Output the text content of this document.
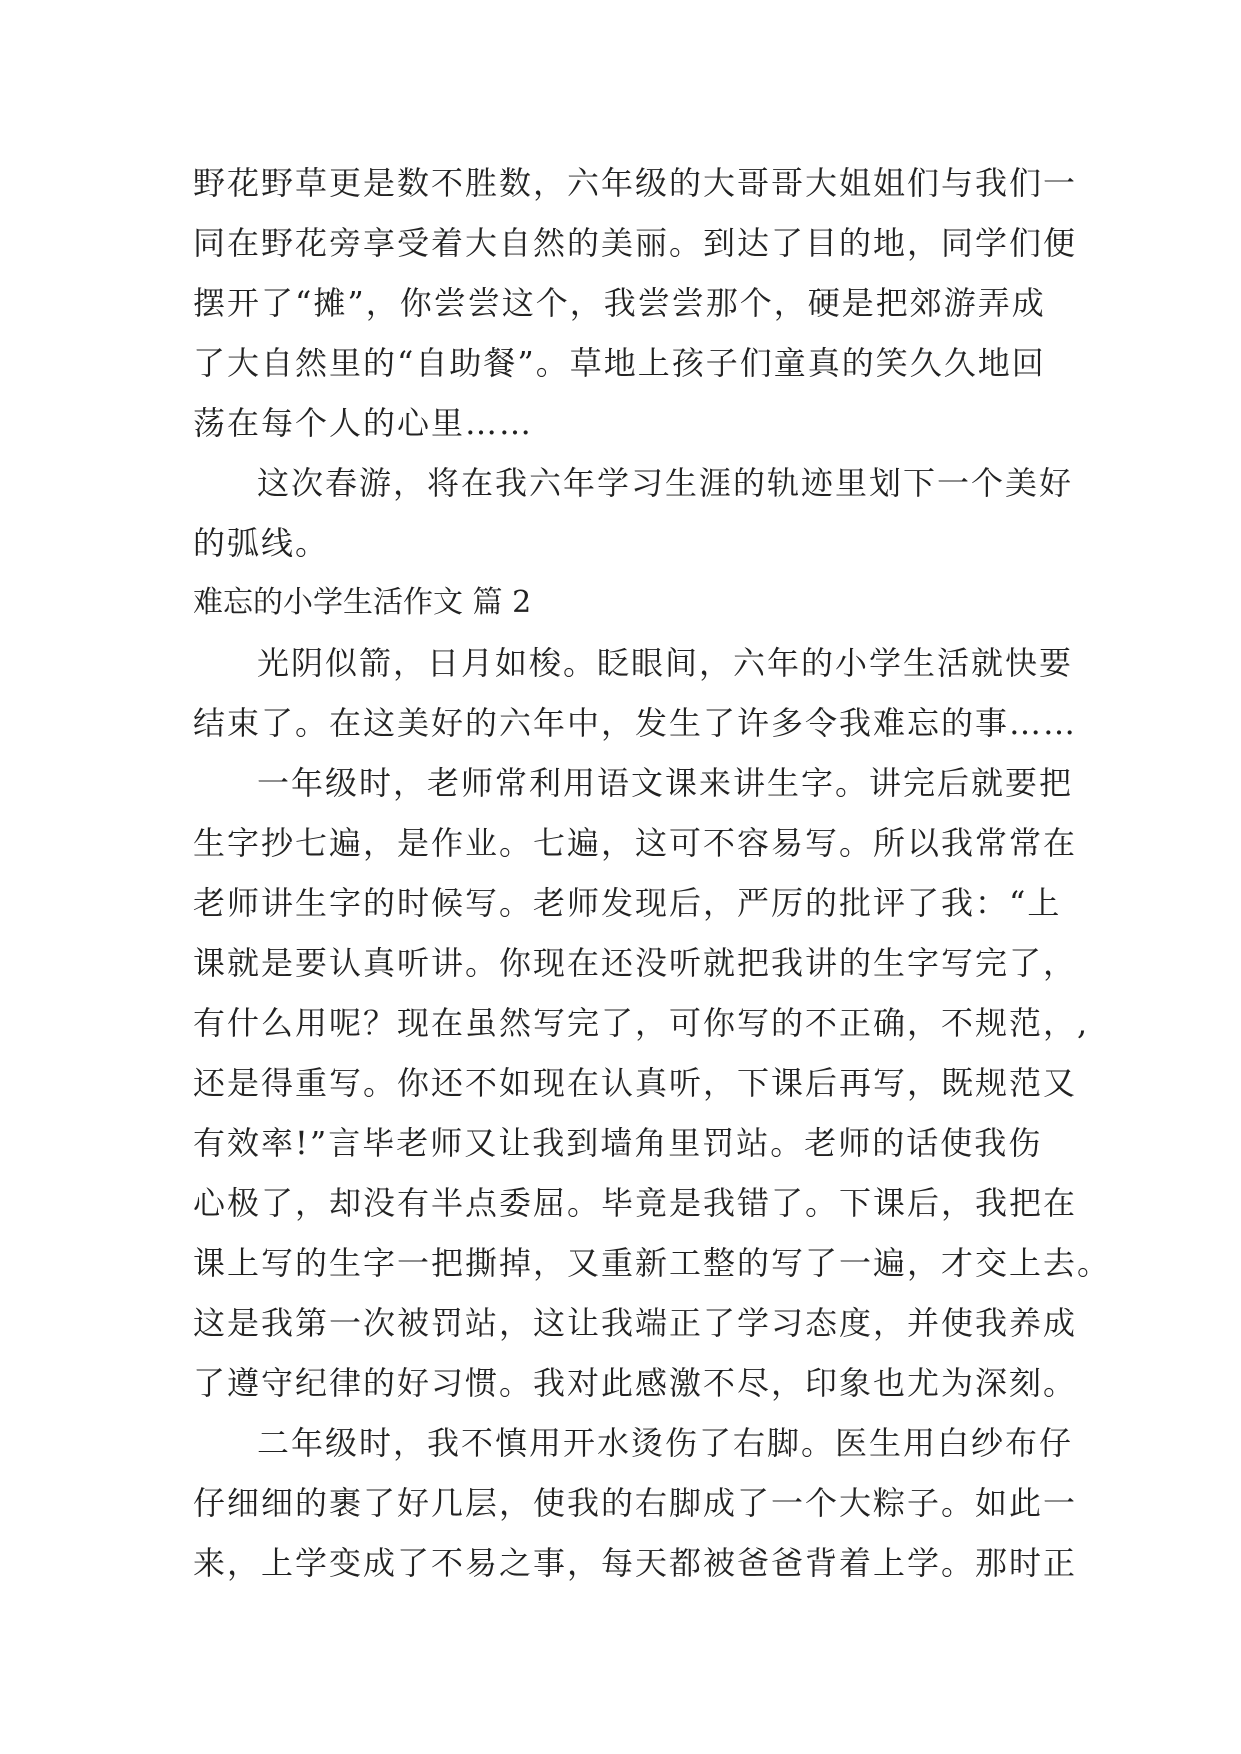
野花野草更是数不胜数，六年级的大哥哥大姐姐们与我们一
同在野花旁享受着大自然的美丽。到达了目的地，同学们便
摆开了“摊”，你尝尝这个，我尝尝那个，硬是把郊游弄成
了大自然里的“自助餐”。草地上孩子们童真的笑久久地回
荡在每个人的心里……
这次春游，将在我六年学习生涯的轨迹里划下一个美好
的弧线。
难忘的小学生活作文 篇 2
光阴似箭，日月如梭。眨眼间，六年的小学生活就快要
结束了。在这美好的六年中，发生了许多令我难忘的事……
一年级时，老师常利用语文课来讲生字。讲完后就要把
生字抄七遍，是作业。七遍，这可不容易写。所以我常常在
老师讲生字的时候写。老师发现后，严厉的批评了我：“上
课就是要认真听讲。你现在还没听就把我讲的生字写完了，
有什么用呢？现在虽然写完了，可你写的不正确，不规范，,
还是得重写。你还不如现在认真听，下课后再写，既规范又
有效率!”言毕老师又让我到墙角里罚站。老师的话使我伤
心极了，却没有半点委屈。毕竟是我错了。下课后，我把在
课上写的生字一把撕掉，又重新工整的写了一遍，才交上去。
这是我第一次被罚站，这让我端正了学习态度，并使我养成
了遵守纪律的好习惯。我对此感激不尽，印象也尤为深刻。
二年级时，我不慎用开水烫伤了右脚。医生用白纱布仔
仔细细的裹了好几层，使我的右脚成了一个大粽子。如此一
来，上学变成了不易之事，每天都被爸爸背着上学。那时正
